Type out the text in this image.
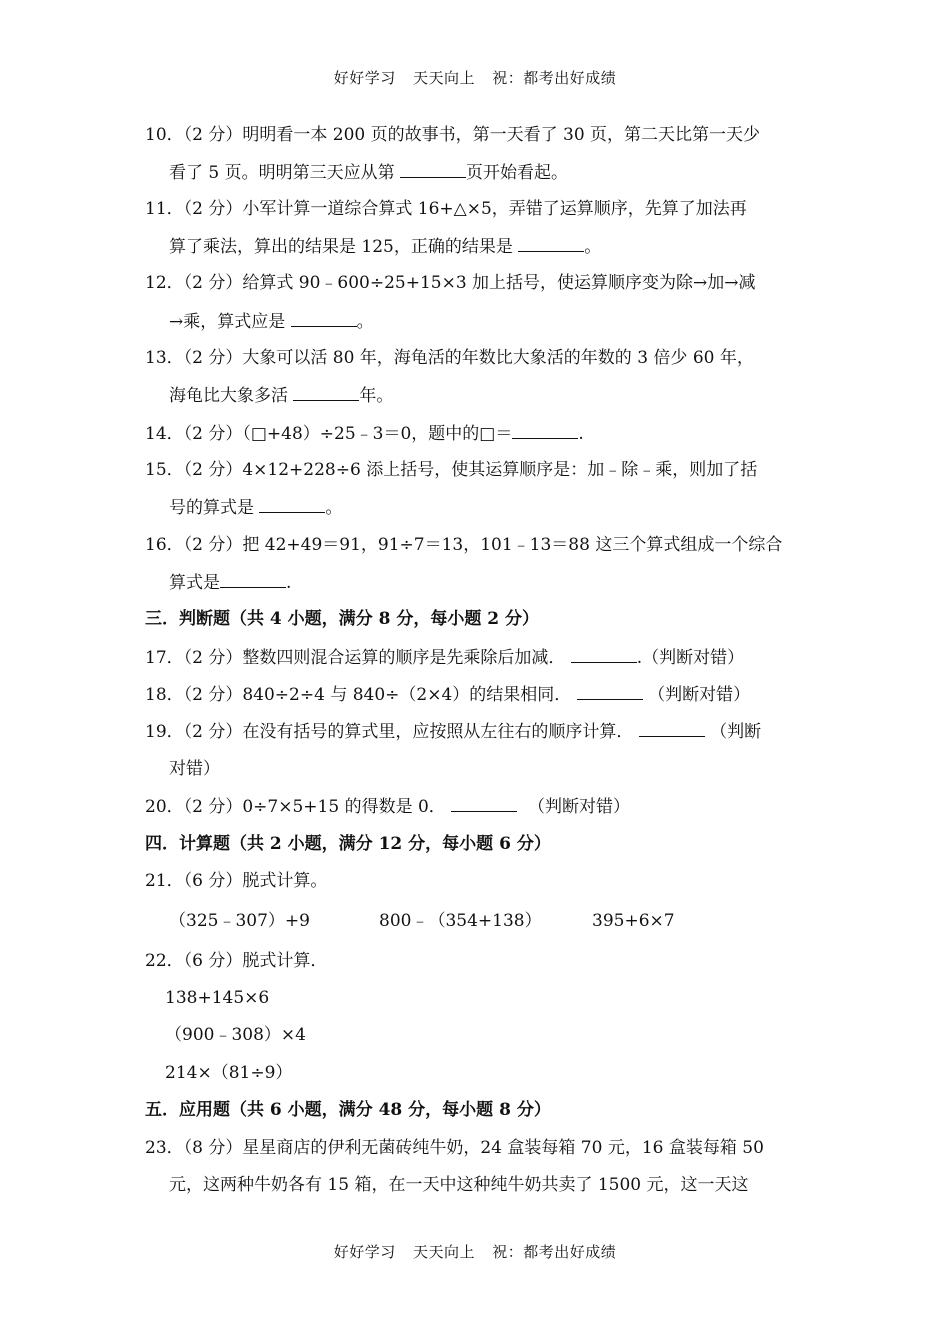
好好学习 天天向上 祝：都考出好成绩
10．（2 分）明明看一本 200 页的故事书，第一天看了 30 页，第二天比第一天少
看了 5 页。明明第三天应从第	页开始看起。
11．（2 分）小军计算一道综合算式 16+△×5，弄错了运算顺序，先算了加法再
算了乘法，算出的结果是 125，正确的结果是	。
12．（2 分）给算式 90﹣600÷25+15×3 加上括号，使运算顺序变为除→加→减
→乘，算式应是	。
13．（2 分）大象可以活 80 年，海龟活的年数比大象活的年数的 3 倍少 60 年，
海龟比大象多活	年。
14．（2 分）（□+48）÷25﹣3＝0，题中的□＝	.
15．（2 分）4×12+228÷6 添上括号，使其运算顺序是：加﹣除﹣乘，则加了括
号的算式是	。
16．（2 分）把 42+49＝91，91÷7＝13，101﹣13＝88 这三个算式组成一个综合
算式是	.
三．判断题（共 4 小题，满分 8 分，每小题 2 分）
17．（2 分）整数四则混合运算的顺序是先乘除后加减．	.（判断对错）
18．（2 分）840÷2÷4 与 840÷（2×4）的结果相同．	（判断对错）
19．（2 分）在没有括号的算式里，应按照从左往右的顺序计算．	（判断
对错）
20．（2 分）0÷7×5+15 的得数是 0．	（判断对错）
四．计算题（共 2 小题，满分 12 分，每小题 6 分）
21．（6 分）脱式计算。
（325﹣307）+9	800﹣（354+138）	395+6×7
22．（6 分）脱式计算．
138+145×6
（900﹣308）×4
214×（81÷9）
五．应用题（共 6 小题，满分 48 分，每小题 8 分）
23．（8 分）星星商店的伊利无菌砖纯牛奶，24 盒装每箱 70 元，16 盒装每箱 50
元，这两种牛奶各有 15 箱，在一天中这种纯牛奶共卖了 1500 元，这一天这
好好学习 天天向上 祝：都考出好成绩
